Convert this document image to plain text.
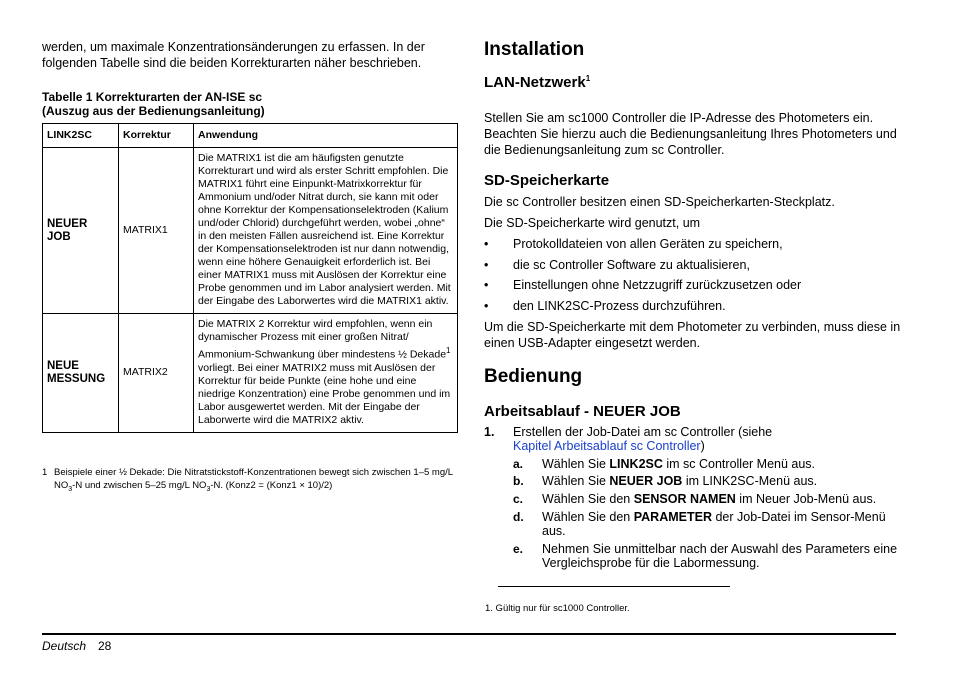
werden, um maximale Konzentrationsänderungen zu erfassen. In der folgenden Tabelle sind die beiden Korrekturarten näher beschrieben.

Tabelle 1 Korrekturarten der AN-ISE sc
(Auszug aus der Bedienungsanleitung)
LINK2SC	Korrektur	Anwendung
NEUER JOB	MATRIX1	Die MATRIX1 ist die am häufigsten genutzte Korrekturart und wird als erster Schritt empfohlen. Die MATRIX1 führt eine Einpunkt-Matrixkorrektur für Ammonium und/oder Nitrat durch, sie kann mit oder ohne Korrektur der Kompensationselektroden (Kalium und/oder Chlorid) durchgeführt werden, wobei „ohne“ in den meisten Fällen ausreichend ist. Eine Korrektur der Kompensationselektroden ist nur dann notwendig, wenn eine höhere Genauigkeit erforderlich ist. Bei einer MATRIX1 muss mit Auslösen der Korrektur eine Probe genommen und im Labor analysiert werden. Mit der Eingabe des Laborwertes wird die MATRIX1 aktiv.
NEUE MESSUNG	MATRIX2	Die MATRIX 2 Korrektur wird empfohlen, wenn ein dynamischer Prozess mit einer großen Nitrat/ Ammonium-Schwankung über mindestens ½ Dekade$^1$ vorliegt. Bei einer MATRIX2 muss mit Auslösen der Korrektur für beide Punkte (eine hohe und eine niedrige Konzentration) eine Probe genommen und im Labor ausgewertet werden. Mit der Eingabe der Laborwerte wird die MATRIX2 aktiv.
1 Beispiele einer ½ Dekade: Die Nitratstickstoff-Konzentrationen bewegt sich zwischen 1–5 mg/L
$NO_3-N$ und zwischen 5–25 mg/L $NO_3-N$. (Konz2 = (Konz1 × 10)/2)
Installation
LAN-Netzwerk$^1$

Stellen Sie am sc1000 Controller die IP-Adresse des Photometers ein. Beachten Sie hierzu auch die Bedienungsanleitung Ihres Photometers und die Bedienungsanleitung zum sc Controller.

SD-Speicherkarte

Die sc Controller besitzen einen SD-Speicherkarten-Steckplatz.

Die SD-Speicherkarte wird genutzt, um

• Protokolldateien von allen Geräten zu speichern,
• die sc Controller Software zu aktualisieren,
• Einstellungen ohne Netzzugriff zurückzusetzen oder
• den LINK2SC-Prozess durchzuführen.

Um die SD-Speicherkarte mit dem Photometer zu verbinden, muss diese in einen USB-Adapter eingesetzt werden.

Bedienung
Arbeitsablauf - NEUER JOB
1. Erstellen der Job-Datei am sc Controller (siehe Kapitel Arbeitsablauf sc Controller)
a. Wählen Sie LINK2SC im sc Controller Menü aus.
b. Wählen Sie NEUER JOB im LINK2SC-Menü aus.
c. Wählen Sie den SENSOR NAMEN im Neuer Job-Menü aus.
d. Wählen Sie den PARAMETER der Job-Datei im Sensor-Menü aus.
e. Nehmen Sie unmittelbar nach der Auswahl des Parameters eine Vergleichsprobe für die Labormessung.
1. Gültig nur für sc1000 Controller.
Deutsch 28
